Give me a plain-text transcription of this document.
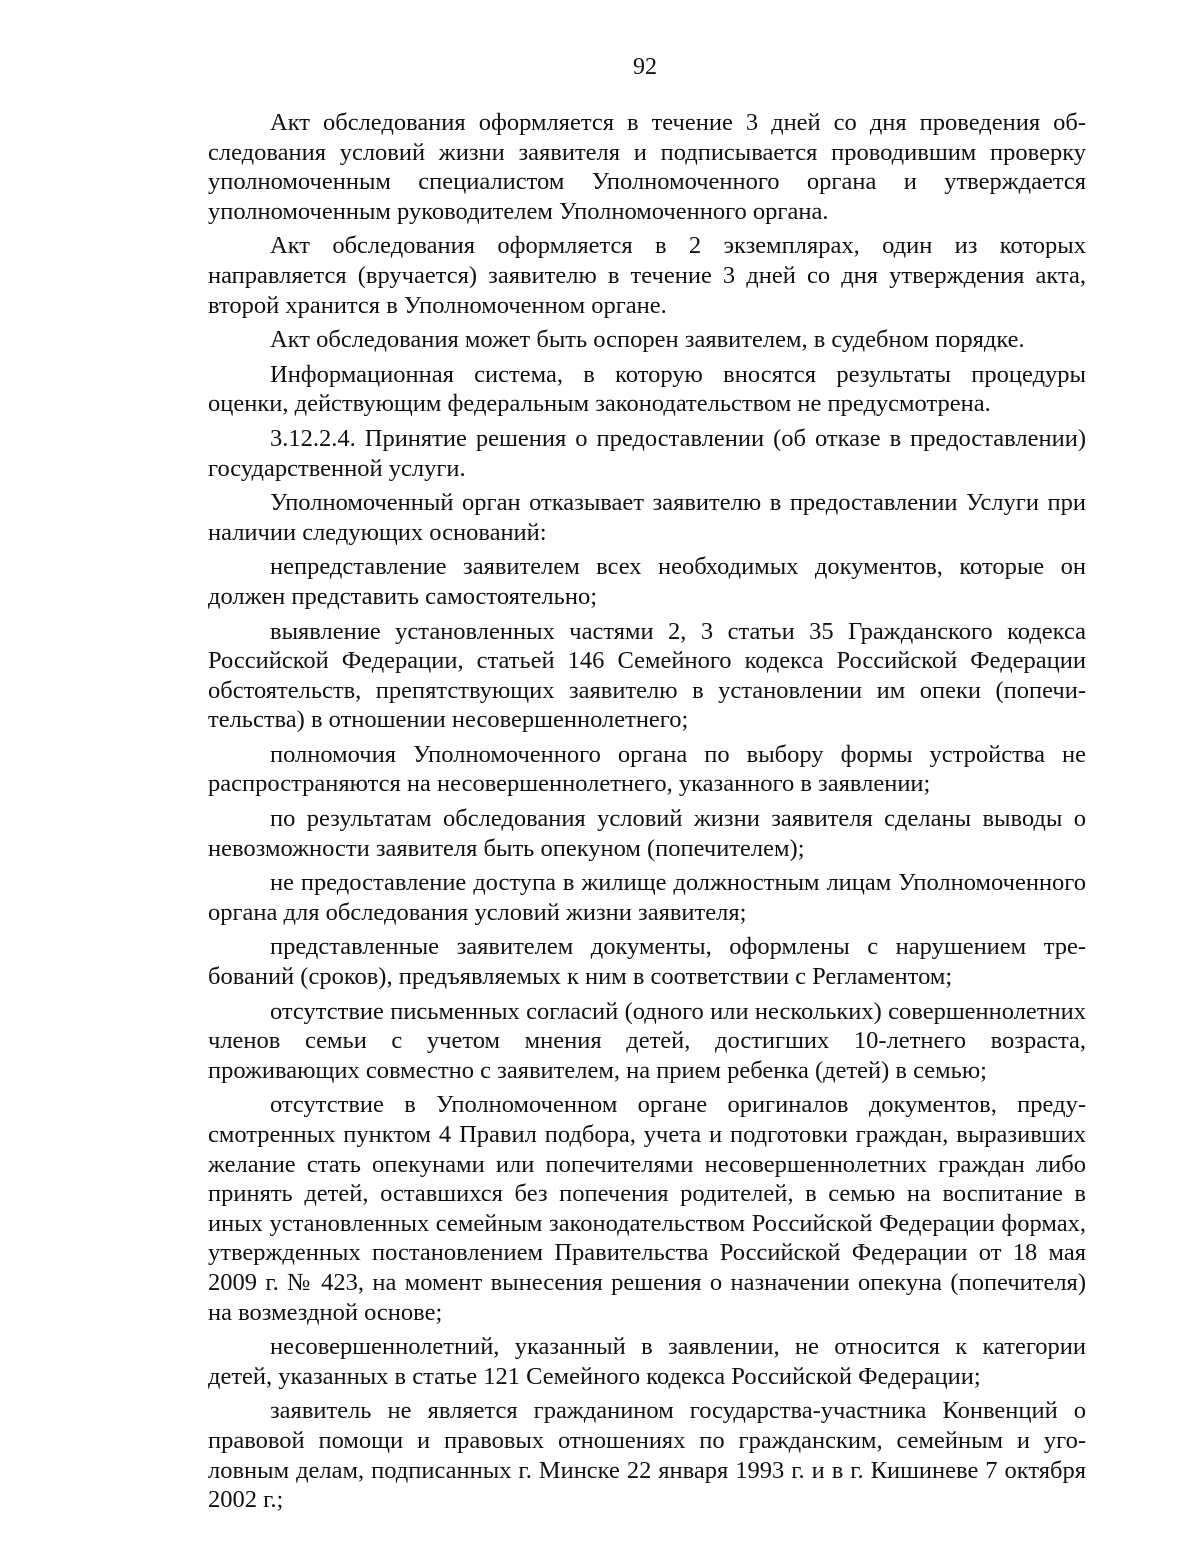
92

Акт обследования оформляется в течение 3 дней со дня проведения обследования условий жизни заявителя и подписывается проводившим проверку уполномоченным специалистом Уполномоченного органа и утверждается уполномоченным руководителем Уполномоченного органа.

Акт обследования оформляется в 2 экземплярах, один из которых направляется (вручается) заявителю в течение 3 дней со дня утверждения акта, второй хранится в Уполномоченном органе.

Акт обследования может быть оспорен заявителем, в судебном порядке.

Информационная система, в которую вносятся результаты процедуры оценки, действующим федеральным законодательством не предусмотрена.

3.12.2.4. Принятие решения о предоставлении (об отказе в предоставлении) государственной услуги.

Уполномоченный орган отказывает заявителю в предоставлении Услуги при наличии следующих оснований:

непредставление заявителем всех необходимых документов, которые он должен представить самостоятельно;

выявление установленных частями 2, 3 статьи 35 Гражданского кодекса Российской Федерации, статьей 146 Семейного кодекса Российской Федерации обстоятельств, препятствующих заявителю в установлении им опеки (попечительства) в отношении несовершеннолетнего;

полномочия Уполномоченного органа по выбору формы устройства не распространяются на несовершеннолетнего, указанного в заявлении;

по результатам обследования условий жизни заявителя сделаны выводы о невозможности заявителя быть опекуном (попечителем);

не предоставление доступа в жилище должностным лицам Уполномоченного органа для обследования условий жизни заявителя;

представленные заявителем документы, оформлены с нарушением требований (сроков), предъявляемых к ним в соответствии с Регламентом;

отсутствие письменных согласий (одного или нескольких) совершеннолетних членов семьи с учетом мнения детей, достигших 10-летнего возраста, проживающих совместно с заявителем, на прием ребенка (детей) в семью;

отсутствие в Уполномоченном органе оригиналов документов, предусмотренных пунктом 4 Правил подбора, учета и подготовки граждан, выразивших желание стать опекунами или попечителями несовершеннолетних граждан либо принять детей, оставшихся без попечения родителей, в семью на воспитание в иных установленных семейным законодательством Российской Федерации формах, утвержденных постановлением Правительства Российской Федерации от 18 мая 2009 г. № 423, на момент вынесения решения о назначении опекуна (попечителя) на возмездной основе;

несовершеннолетний, указанный в заявлении, не относится к категории детей, указанных в статье 121 Семейного кодекса Российской Федерации;

заявитель не является гражданином государства-участника Конвенций о правовой помощи и правовых отношениях по гражданским, семейным и уголовным делам, подписанных г. Минске 22 января 1993 г. и в г. Кишиневе 7 октября 2002 г.;
